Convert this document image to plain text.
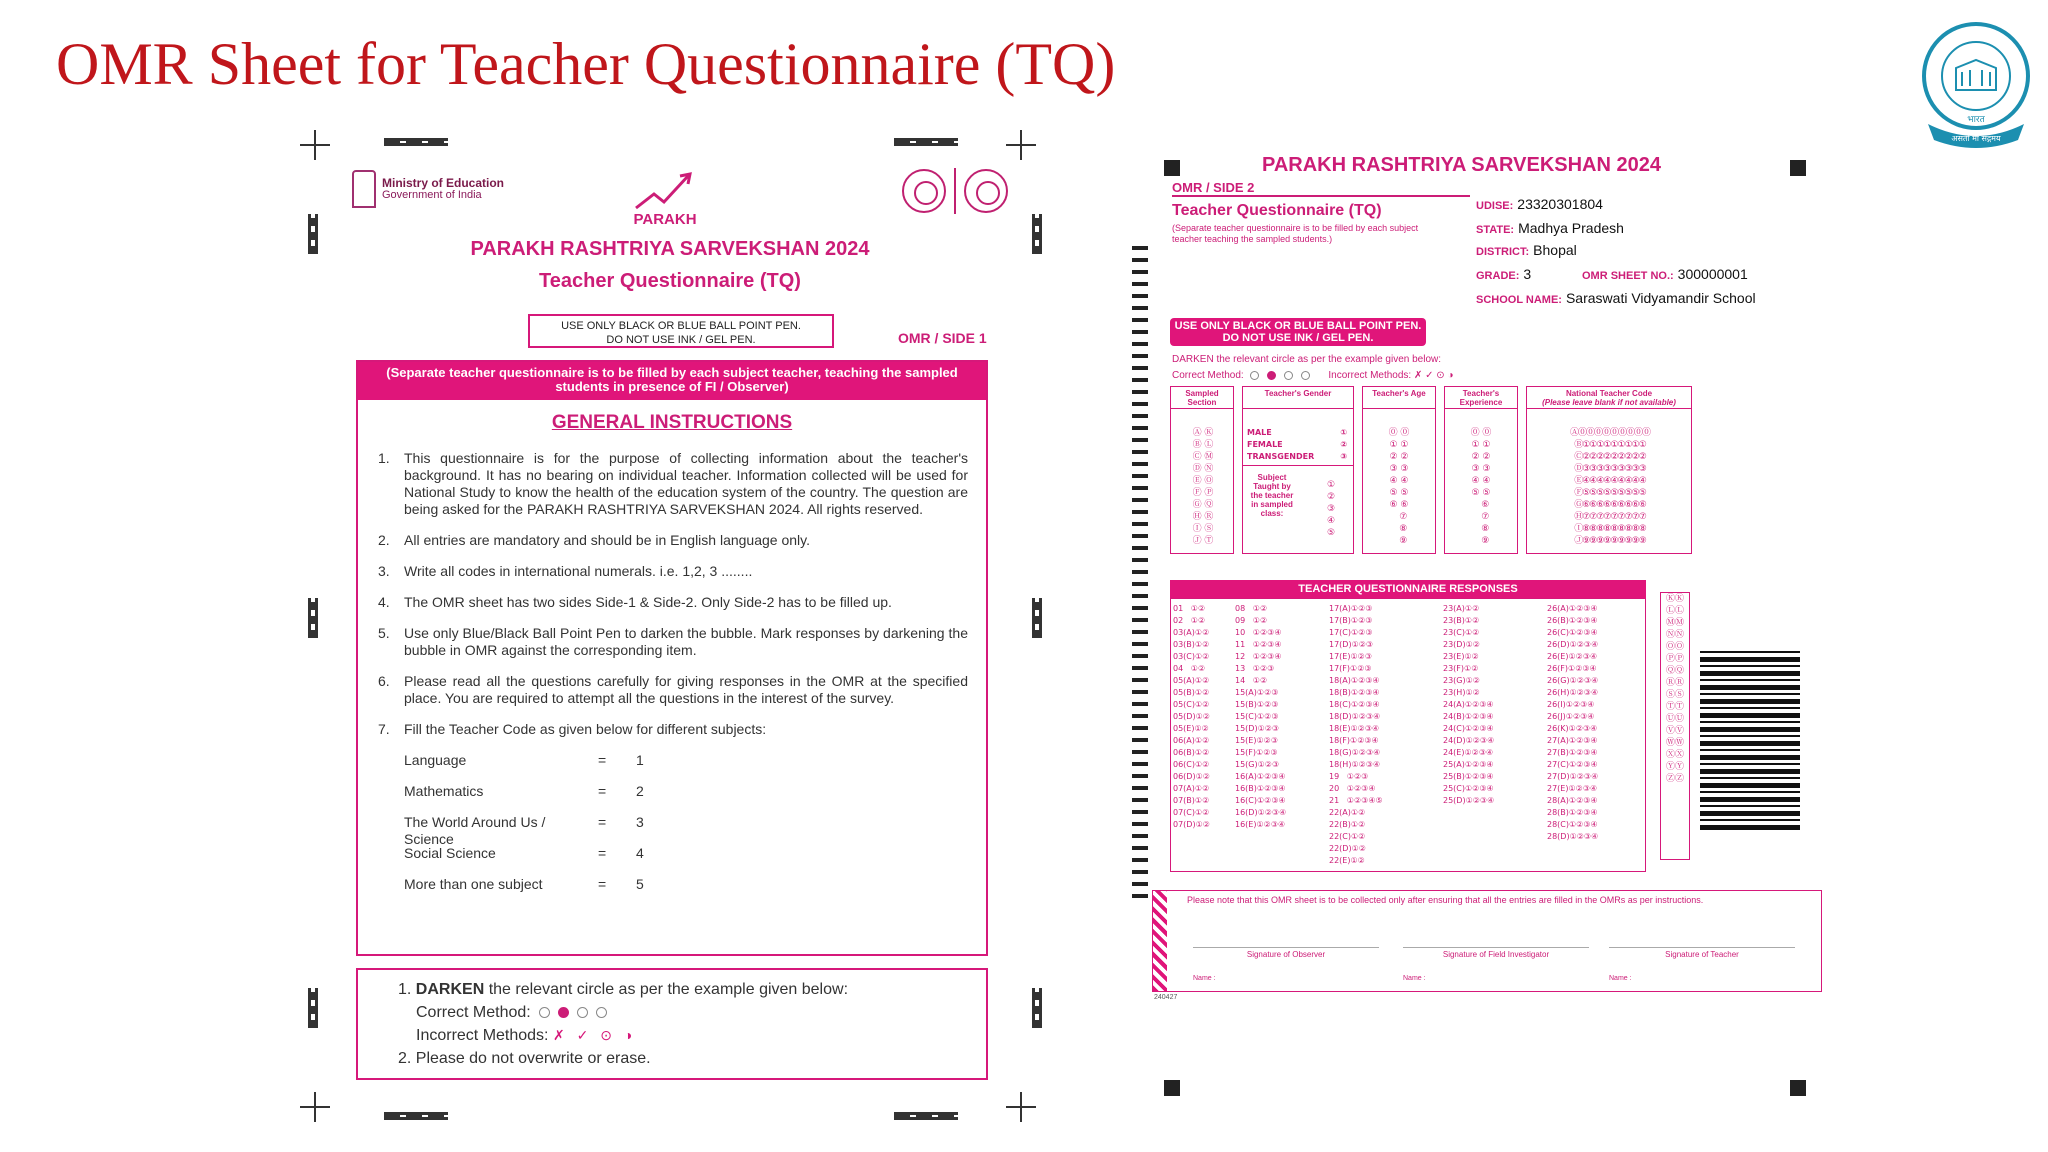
OMR Sheet for Teacher Questionnaire (TQ)
भारत
असतो मा सद्गमय
Ministry of Education
Government of India
PARAKH
PARAKH RASHTRIYA SARVEKSHAN 2024
Teacher Questionnaire (TQ)
USE ONLY BLACK OR BLUE BALL POINT PEN.
DO NOT USE INK / GEL PEN.	OMR / SIDE 1
(Separate teacher questionnaire is to be filled by each subject teacher, teaching the sampled students in presence of FI / Observer)
GENERAL INSTRUCTIONS
1.	This questionnaire is for the purpose of collecting information about the teacher's background. It has no bearing on individual teacher. Information collected will be used for National Study to know the health of the education system of the country. The question are being asked for the PARAKH RASHTRIYA SARVEKSHAN 2024. All rights reserved.
2.	All entries are mandatory and should be in English language only.
3.	Write all codes in international numerals. i.e. 1,2, 3 ........
4.	The OMR sheet has two sides Side-1 & Side-2. Only Side-2 has to be filled up.
5.	Use only Blue/Black Ball Point Pen to darken the bubble. Mark responses by darkening the bubble in OMR against the corresponding item.
6.	Please read all the questions carefully for giving responses in the OMR at the specified place. You are required to attempt all the questions in the interest of the survey.
7.	Fill the Teacher Code as given below for different subjects:
Language	=	1
Mathematics	=	2
The World Around Us / Science
=	3
Social Science	=	4
More than one subject	=	5
1. DARKEN the relevant circle as per the example given below:
Correct Method:
Incorrect Methods: ✗ ✓ ⊙ ◑
2. Please do not overwrite or erase.
PARAKH RASHTRIYA SARVEKSHAN 2024
OMR / SIDE 2
Teacher Questionnaire (TQ)
(Separate teacher questionnaire is to be filled by each subject teacher teaching the sampled students.)
UDISE: 23320301804
STATE: Madhya Pradesh
DISTRICT: Bhopal
GRADE: 3	OMR SHEET NO.: 300000001
SCHOOL NAME: Saraswati Vidyamandir School
USE ONLY BLACK OR BLUE BALL POINT PEN.
DO NOT USE INK / GEL PEN.
DARKEN the relevant circle as per the example given below:
Correct Method:	Incorrect Methods: ✗ ✓ ⊙ ◑
Sampled Section
Ⓐ Ⓚ
Ⓑ Ⓛ
Ⓒ Ⓜ
Ⓓ Ⓝ
Ⓔ Ⓞ
Ⓕ Ⓟ
Ⓖ Ⓠ
Ⓗ Ⓡ
Ⓘ Ⓢ
Ⓙ Ⓣ
Teacher's Gender
MALE	①

FEMALE	②

TRANSGENDER	③
Subject Taught by the teacher in sampled class:
①
②
③
④
⑤
Teacher's Age
⓪ ⓪
① ①
② ②
③ ③
④ ④
⑤ ⑤
⑥ ⑥
⑦
⑧
⑨
Teacher's Experience
⓪ ⓪
① ①
② ②
③ ③
④ ④
⑤ ⑤
⑥
⑦
⑧
⑨
National Teacher Code
(Please leave blank if not available)
Ⓐ⓪⓪⓪⓪⓪⓪⓪⓪⓪
Ⓑ①①①①①①①①①
Ⓒ②②②②②②②②②
Ⓓ③③③③③③③③③
Ⓔ④④④④④④④④④
Ⓕ⑤⑤⑤⑤⑤⑤⑤⑤⑤
Ⓖ⑥⑥⑥⑥⑥⑥⑥⑥⑥
Ⓗ⑦⑦⑦⑦⑦⑦⑦⑦⑦
Ⓘ⑧⑧⑧⑧⑧⑧⑧⑧⑧
Ⓙ⑨⑨⑨⑨⑨⑨⑨⑨⑨
TEACHER QUESTIONNAIRE RESPONSES
01   ①②
02   ①②
03(A)①②
03(B)①②
03(C)①②
04   ①②
05(A)①②
05(B)①②
05(C)①②
05(D)①②
05(E)①②
06(A)①②
06(B)①②
06(C)①②
06(D)①②
07(A)①②
07(B)①②
07(C)①②
07(D)①②
08   ①②
09   ①②
10   ①②③④
11   ①②③④
12   ①②③④
13   ①②③
14   ①②
15(A)①②③
15(B)①②③
15(C)①②③
15(D)①②③
15(E)①②③
15(F)①②③
15(G)①②③
16(A)①②③④
16(B)①②③④
16(C)①②③④
16(D)①②③④
16(E)①②③④
17(A)①②③
17(B)①②③
17(C)①②③
17(D)①②③
17(E)①②③
17(F)①②③
18(A)①②③④
18(B)①②③④
18(C)①②③④
18(D)①②③④
18(E)①②③④
18(F)①②③④
18(G)①②③④
18(H)①②③④
19   ①②③
20   ①②③④
21   ①②③④⑤
22(A)①②
22(B)①②
22(C)①②
22(D)①②
22(E)①②
23(A)①②
23(B)①②
23(C)①②
23(D)①②
23(E)①②
23(F)①②
23(G)①②
23(H)①②
24(A)①②③④
24(B)①②③④
24(C)①②③④
24(D)①②③④
24(E)①②③④
25(A)①②③④
25(B)①②③④
25(C)①②③④
25(D)①②③④
26(A)①②③④
26(B)①②③④
26(C)①②③④
26(D)①②③④
26(E)①②③④
26(F)①②③④
26(G)①②③④
26(H)①②③④
26(I)①②③④
26(J)①②③④
26(K)①②③④
27(A)①②③④
27(B)①②③④
27(C)①②③④
27(D)①②③④
27(E)①②③④
28(A)①②③④
28(B)①②③④
28(C)①②③④
28(D)①②③④
ⓀⓀ
ⓁⓁ
ⓂⓂ
ⓃⓃ
ⓄⓄ
ⓅⓅ
ⓆⓆ
ⓇⓇ
ⓈⓈ
ⓉⓉ
ⓊⓊ
ⓋⓋ
ⓌⓌ
ⓍⓍ
ⓎⓎ
ⓏⓏ
Please note that this OMR sheet is to be collected only after ensuring that all the entries are filled in the OMRs as per instructions.
Signature of Observer	Signature of Field Investigator	Signature of Teacher
Name :	Name :	Name :
240427
